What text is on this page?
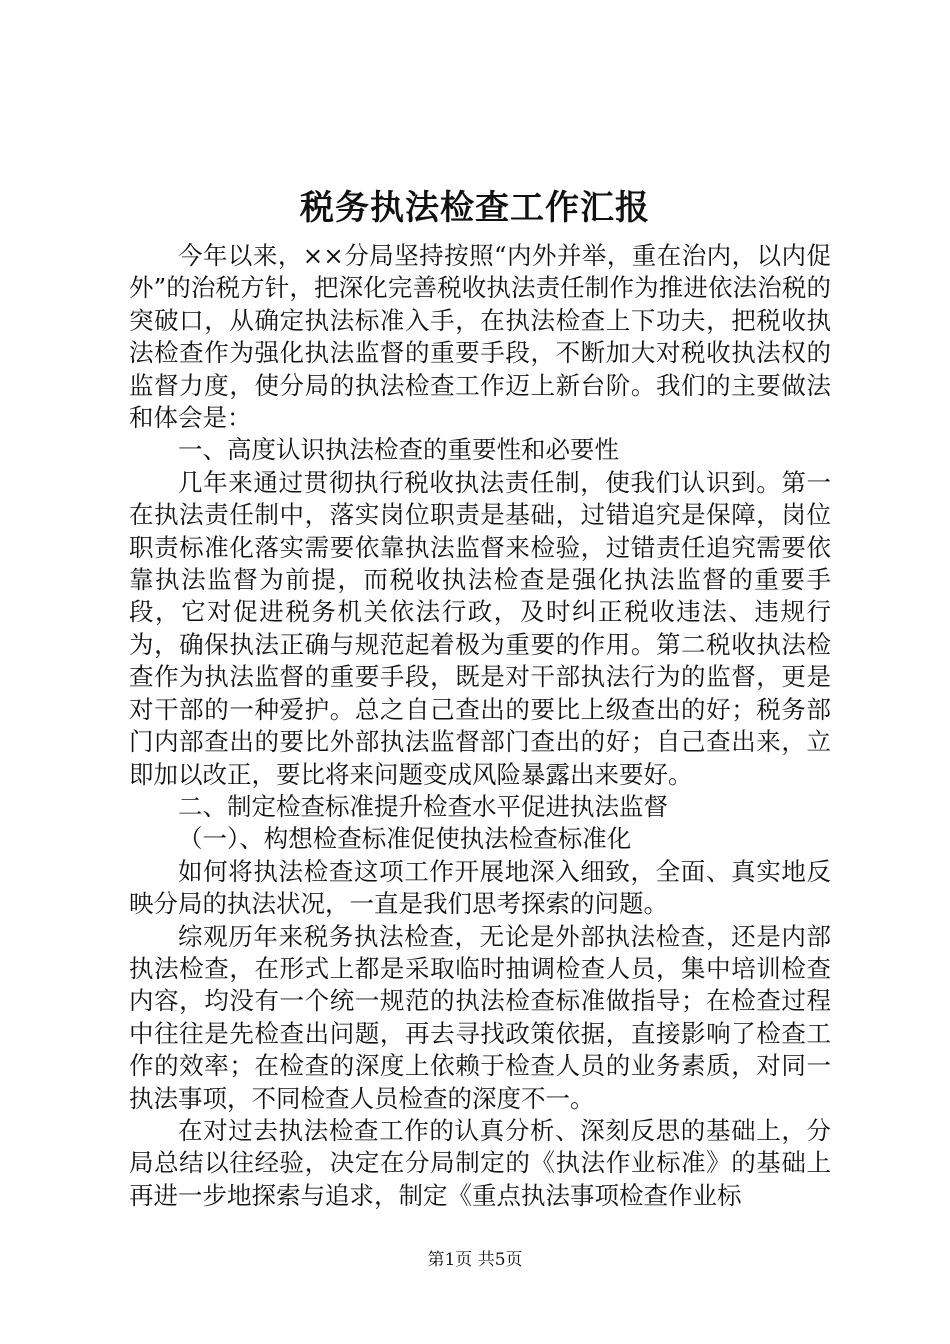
税务执法检查工作汇报

今年以来，××分局坚持按照“内外并举，重在治内，以内促外”的治税方针，把深化完善税收执法责任制作为推进依法治税的突破口，从确定执法标准入手，在执法检查上下功夫，把税收执法检查作为强化执法监督的重要手段，不断加大对税收执法权的监督力度，使分局的执法检查工作迈上新台阶。我们的主要做法和体会是：

一、高度认识执法检查的重要性和必要性

几年来通过贯彻执行税收执法责任制，使我们认识到。第一在执法责任制中，落实岗位职责是基础，过错追究是保障，岗位职责标准化落实需要依靠执法监督来检验，过错责任追究需要依靠执法监督为前提，而税收执法检查是强化执法监督的重要手段，它对促进税务机关依法行政，及时纠正税收违法、违规行为，确保执法正确与规范起着极为重要的作用。第二税收执法检查作为执法监督的重要手段，既是对干部执法行为的监督，更是对干部的一种爱护。总之自己查出的要比上级查出的好；税务部门内部查出的要比外部执法监督部门查出的好；自己查出来，立即加以改正，要比将来问题变成风险暴露出来要好。

二、制定检查标准提升检查水平促进执法监督

（一）、构想检查标准促使执法检查标准化

如何将执法检查这项工作开展地深入细致，全面、真实地反映分局的执法状况，一直是我们思考探索的问题。

综观历年来税务执法检查，无论是外部执法检查，还是内部执法检查，在形式上都是采取临时抽调检查人员，集中培训检查内容，均没有一个统一规范的执法检查标准做指导；在检查过程中往往是先检查出问题，再去寻找政策依据，直接影响了检查工作的效率；在检查的深度上依赖于检查人员的业务素质，对同一执法事项，不同检查人员检查的深度不一。

在对过去执法检查工作的认真分析、深刻反思的基础上，分局总结以往经验，决定在分局制定的《执法作业标准》的基础上再进一步地探索与追求，制定《重点执法事项检查作业标

第1页 共5页
